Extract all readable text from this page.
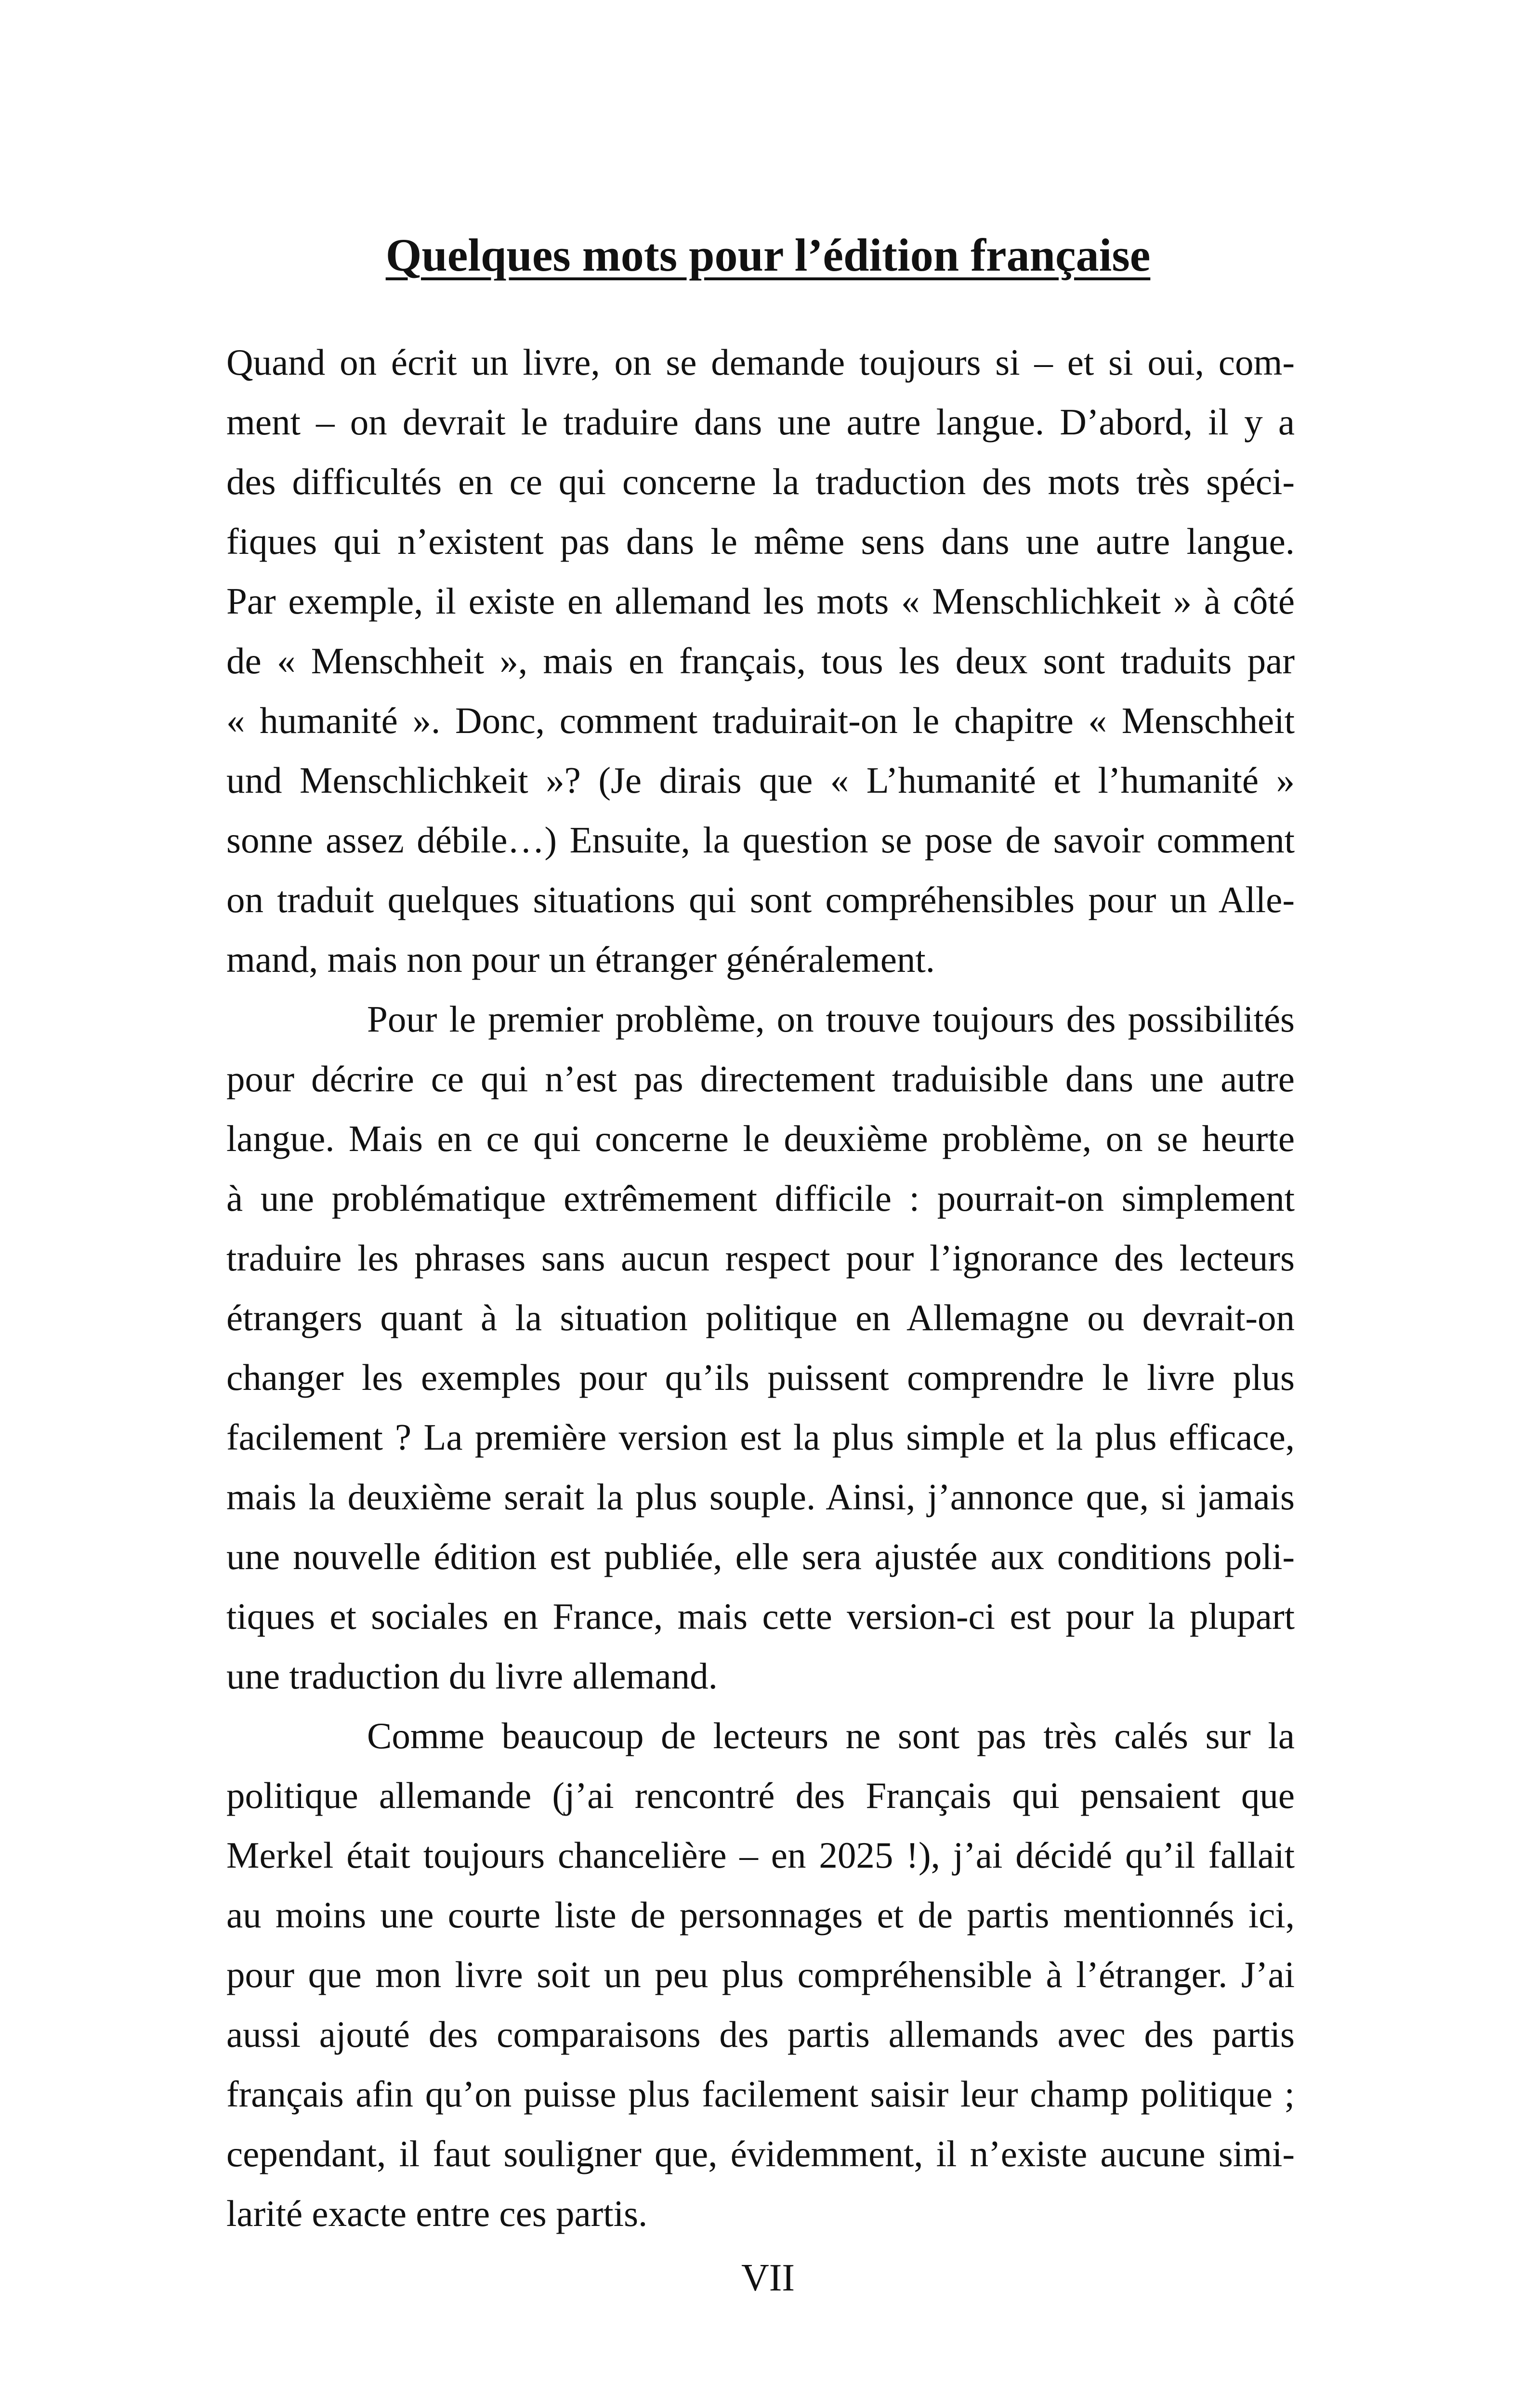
Quelques mots pour l’édition française
Quand on écrit un livre, on se demande toujours si – et si oui, com-
ment – on devrait le traduire dans une autre langue. D’abord, il y a
des difficultés en ce qui concerne la traduction des mots très spéci-
fiques qui n’existent pas dans le même sens dans une autre langue.
Par exemple, il existe en allemand les mots « Menschlichkeit » à côté
de « Menschheit », mais en français, tous les deux sont traduits par
« humanité ». Donc, comment traduirait-on le chapitre « Menschheit
und Menschlichkeit »? (Je dirais que « L’humanité et l’humanité »
sonne assez débile…) Ensuite, la question se pose de savoir comment
on traduit quelques situations qui sont compréhensibles pour un Alle-
mand, mais non pour un étranger généralement.
Pour le premier problème, on trouve toujours des possibilités
pour décrire ce qui n’est pas directement traduisible dans une autre
langue. Mais en ce qui concerne le deuxième problème, on se heurte
à une problématique extrêmement difficile : pourrait-on simplement
traduire les phrases sans aucun respect pour l’ignorance des lecteurs
étrangers quant à la situation politique en Allemagne ou devrait-on
changer les exemples pour qu’ils puissent comprendre le livre plus
facilement ? La première version est la plus simple et la plus efficace,
mais la deuxième serait la plus souple. Ainsi, j’annonce que, si jamais
une nouvelle édition est publiée, elle sera ajustée aux conditions poli-
tiques et sociales en France, mais cette version-ci est pour la plupart
une traduction du livre allemand.
Comme beaucoup de lecteurs ne sont pas très calés sur la
politique allemande (j’ai rencontré des Français qui pensaient que
Merkel était toujours chancelière – en 2025 !), j’ai décidé qu’il fallait
au moins une courte liste de personnages et de partis mentionnés ici,
pour que mon livre soit un peu plus compréhensible à l’étranger. J’ai
aussi ajouté des comparaisons des partis allemands avec des partis
français afin qu’on puisse plus facilement saisir leur champ politique ;
cependant, il faut souligner que, évidemment, il n’existe aucune simi-
larité exacte entre ces partis.
VII
